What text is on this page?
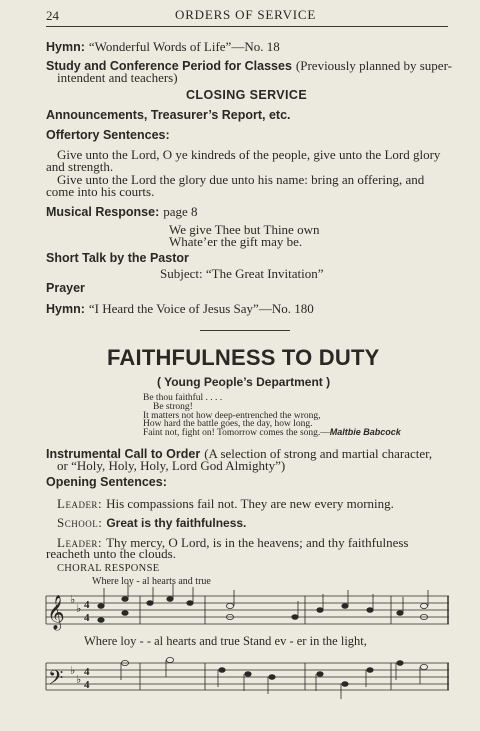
24	ORDERS OF SERVICE
Hymn: “Wonderful Words of Life”—No. 18
Study and Conference Period for Classes (Previously planned by super-
intendent and teachers)
CLOSING SERVICE
Announcements, Treasurer’s Report, etc.
Offertory Sentences:
Give unto the Lord, O ye kindreds of the people, give unto the Lord glory
and strength.
Give unto the Lord the glory due unto his name: bring an offering, and
come into his courts.
Musical Response: page 8
We give Thee but Thine own
Whate’er the gift may be.
Short Talk by the Pastor
Subject: “The Great Invitation”
Prayer
Hymn: “I Heard the Voice of Jesus Say”—No. 180
FAITHFULNESS TO DUTY
( Young People’s Department )
Be thou faithful . . . .
Be strong!
It matters not how deep-entrenched the wrong,
How hard the battle goes, the day, how long.
Faint not, fight on! Tomorrow comes the song.—Maltbie Babcock
Instrumental Call to Order (A selection of strong and martial character,
or “Holy, Holy, Holy, Lord God Almighty”)
Opening Sentences:
Leader: His compassions fail not. They are new every morning.
School: Great is thy faithfulness.
Leader: Thy mercy, O Lord, is in the heavens; and thy faithfulness
reacheth unto the clouds.
CHORAL RESPONSE
Where loy - al hearts and true
𝄞
𝄢
♭
♭
♭
♭
4
4
4
4
Where loy - - al hearts and true Stand ev - er in the light,
